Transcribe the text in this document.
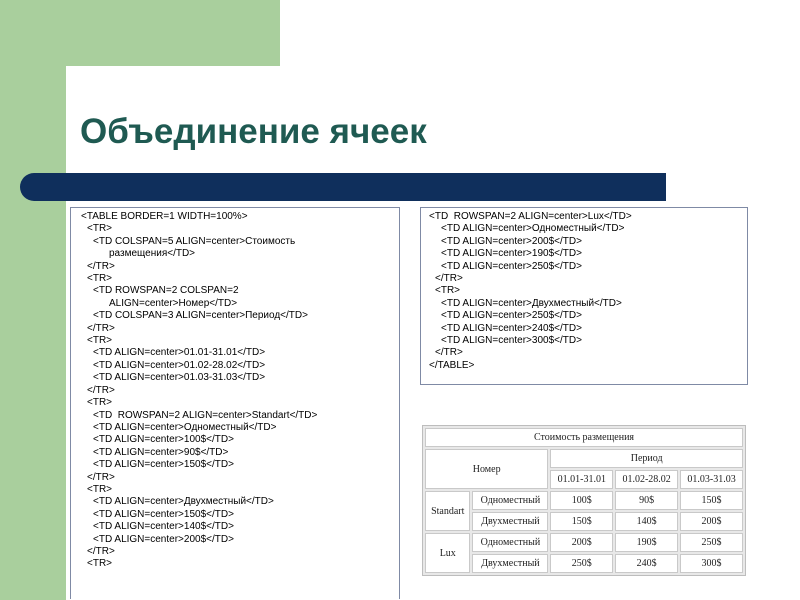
Объединение ячеек
<TABLE BORDER=1 WIDTH=100%>
<TR>
<TD COLSPAN=5 ALIGN=center>Стоимость
размещения</TD>
</TR>
<TR>
<TD ROWSPAN=2 COLSPAN=2
ALIGN=center>Номер</TD>
<TD COLSPAN=3 ALIGN=center>Период</TD>
</TR>
<TR>
<TD ALIGN=center>01.01-31.01</TD>
<TD ALIGN=center>01.02-28.02</TD>
<TD ALIGN=center>01.03-31.03</TD>
</TR>
<TR>
<TD  ROWSPAN=2 ALIGN=center>Standart</TD>
<TD ALIGN=center>Одноместный</TD>
<TD ALIGN=center>100$</TD>
<TD ALIGN=center>90$</TD>
<TD ALIGN=center>150$</TD>
</TR>
<TR>
<TD ALIGN=center>Двухместный</TD>
<TD ALIGN=center>150$</TD>
<TD ALIGN=center>140$</TD>
<TD ALIGN=center>200$</TD>
</TR>
<TR>
<TD  ROWSPAN=2 ALIGN=center>Lux</TD>
<TD ALIGN=center>Одноместный</TD>
<TD ALIGN=center>200$</TD>
<TD ALIGN=center>190$</TD>
<TD ALIGN=center>250$</TD>
</TR>
<TR>
<TD ALIGN=center>Двухместный</TD>
<TD ALIGN=center>250$</TD>
<TD ALIGN=center>240$</TD>
<TD ALIGN=center>300$</TD>
</TR>
</TABLE>
Стоимость размещения				
Номер		Период		
		01.01-31.01	01.02-28.02	01.03-31.03
Standart	Одноместный	100$	90$	150$
	Двухместный	150$	140$	200$
Lux	Одноместный	200$	190$	250$
	Двухместный	250$	240$	300$
